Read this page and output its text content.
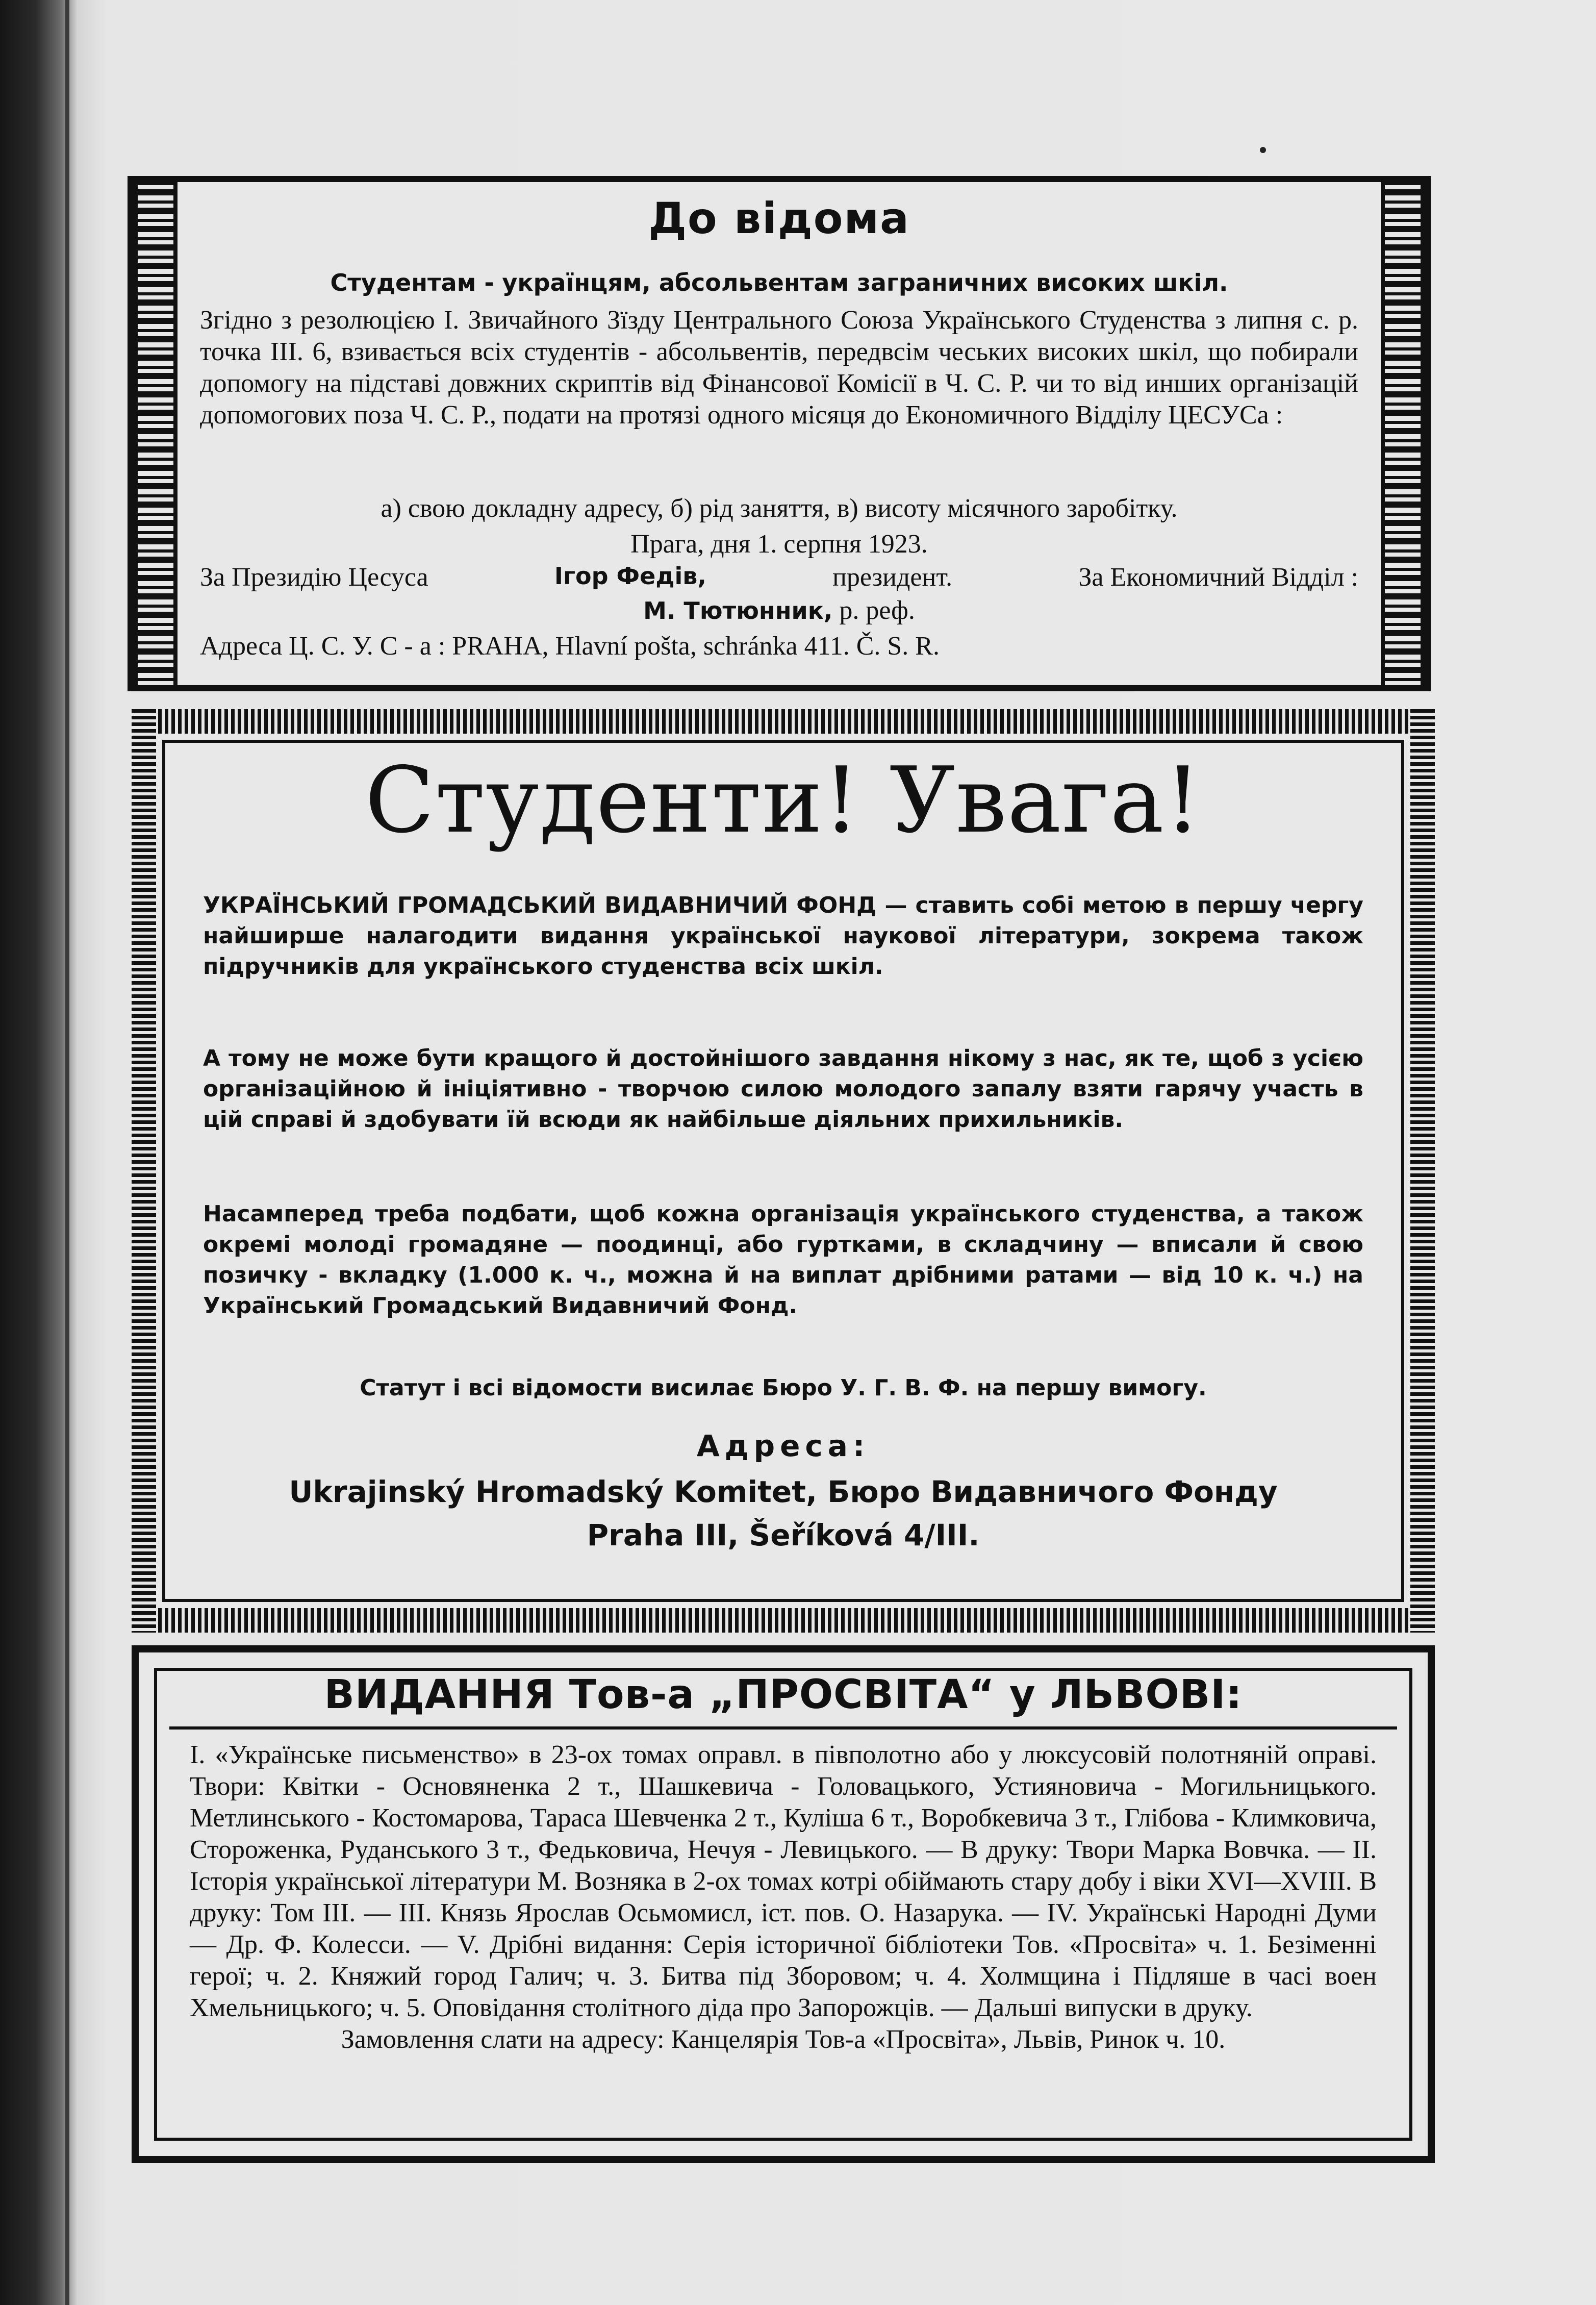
До відома
Студентам - українцям, абсольвентам заграничних високих шкіл.
Згідно з резолюцією I. Звичайного Зїзду Центрального Союза Українського Студенства з липня с. р. точка III. 6, взивається всіх студентів - абсольвентів, передвсім чеських високих шкіл, що побирали допомогу на підставі довжних скриптів від Фінансової Комісії в Ч. С. Р. чи то від инших організацій допомогових поза Ч. С. Р., подати на протязі одного місяця до Економичного Відділу ЦЕСУСа :
а) свою докладну адресу, б) рід заняття, в) висоту місячного заробітку.
Прага, дня 1. серпня 1923.
За Президію Цесуса	Ігор Федів,	президент.	За Економичний Відділ :
М. Тютюнник, р. реф.
Адреса Ц. С. У. С - а : PRAHA, Hlavní pošta, schránka 411. Č. S. R.
Студенти! Увага!
УКРАЇНСЬКИЙ ГРОМАДСЬКИЙ ВИДАВНИЧИЙ ФОНД — ставить собі метою в першу чергу найширше налагодити видання української наукової літератури, зокрема також підручників для українського студенства всіх шкіл.
А тому не може бути кращого й достойнішого завдання нікому з нас, як те, щоб з усією організаційною й ініціятивно - творчою силою молодого запалу взяти гарячу участь в цій справі й здобувати їй всюди як найбільше діяльних прихильників.
Насамперед треба подбати, щоб кожна організація українського студенства, а також окремі молоді громадяне — поодинці, або гуртками, в складчину — вписали й свою позичку - вкладку (1.000 к. ч., можна й на виплат дрібними ратами — від 10 к. ч.) на Український Громадський Видавничий Фонд.
Статут і всі відомости висилає Бюро У. Г. В. Ф. на першу вимогу.
Адреса:
Ukrajinský Hromadský Komitet, Бюро Видавничого Фонду
Praha III, Šeříková 4/III.
ВИДАННЯ Тов-а „ПРОСВІТА“ у ЛЬВОВІ:
I. «Українське письменство» в 23-ох томах оправл. в півполотно або у люксусовій полотняній оправі. Твори: Квітки - Основяненка 2 т., Шашкевича - Головацького, Устияновича - Могильницького. Метлинського - Костомарова, Тараса Шевченка 2 т., Куліша 6 т., Воробкевича 3 т., Глібова - Климковича, Стороженка, Руданського 3 т., Федьковича, Нечуя - Левицького. — В друку: Твори Марка Вовчка. — II. Історія української літератури М. Возняка в 2-ох томах котрі обіймають стару добу і віки XVI—XVIII. В друку: Том III. — III. Князь Ярослав Осьмомисл, іст. пов. О. Назарука. — IV. Українські Народні Думи — Др. Ф. Колесси. — V. Дрібні видання: Серія історичної бібліотеки Тов. «Просвіта» ч. 1. Безіменні герої; ч. 2. Княжий город Галич; ч. 3. Битва під Зборовом; ч. 4. Холмщина і Підляше в часі воен Хмельницького; ч. 5. Оповідання столітного діда про Запорожців. — Дальші випуски в друку.
Замовлення слати на адресу: Канцелярія Тов-а «Просвіта», Львів, Ринок ч. 10.
